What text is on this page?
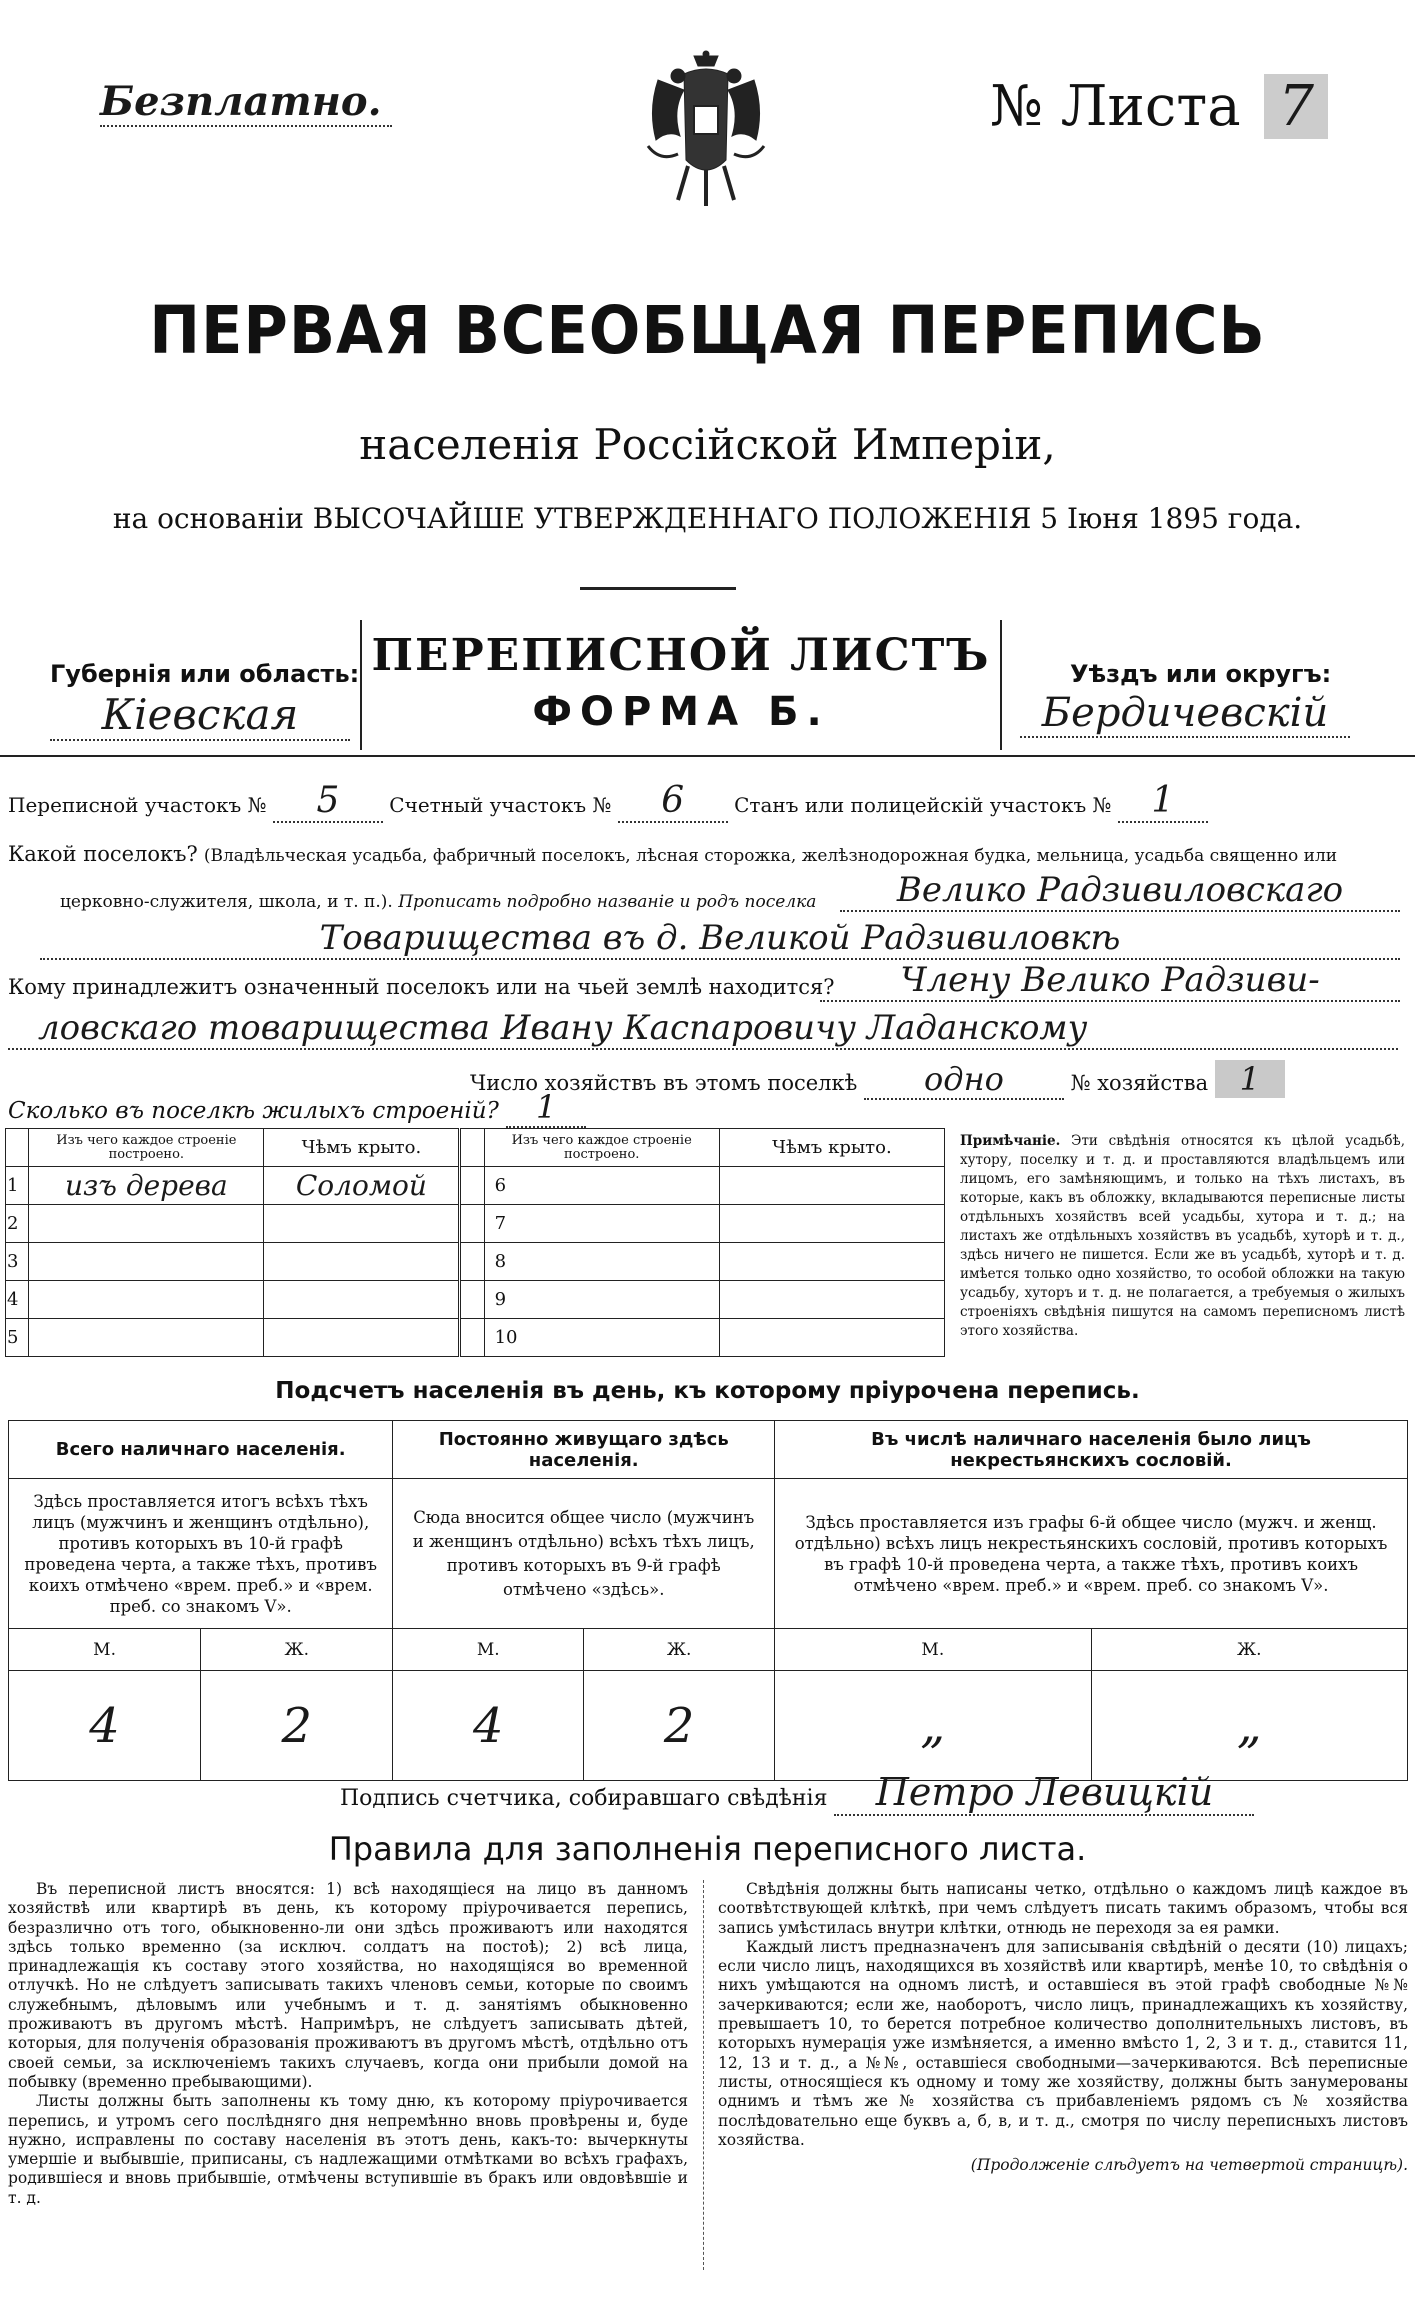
Безплатно.	№ Листа 7
ПЕРВАЯ ВСЕОБЩАЯ ПЕРЕПИСЬ
населенія Россійской Имперіи,
на основаніи ВЫСОЧАЙШЕ УТВЕРЖДЕННАГО ПОЛОЖЕНІЯ 5 Іюня 1895 года.
ПЕРЕПИСНОЙ ЛИСТЪ
ФОРМА Б.
Губернія или область:
Кіевская
Уѣздъ или округъ:
Бердичевскій
Переписной участокъ № 5 Счетный участокъ № 6 Станъ или полицейскій участокъ № 1
Какой поселокъ? (Владѣльческая усадьба, фабричный поселокъ, лѣсная сторожка, желѣзнодорожная будка, мельница, усадьба священно или
церковно-служителя, школа, и т. п.). Прописать подробно названіе и родъ поселка	Велико Радзивиловскаго
Товарищества въ д. Великой Радзивиловкѣ
Кому принадлежитъ означенный поселокъ или на чьей землѣ находится?	Члену Велико Радзиви-
ловскаго товарищества Ивану Каспаровичу Ладанскому
Число хозяйствъ въ этомъ поселкѣ одно	№ хозяйства 1
Сколько въ поселкѣ жилыхъ строеній? 1
	Изъ чего каждое строеніе построено.	Чѣмъ крыто.		Изъ чего каждое строеніе построено.	Чѣмъ крыто.
1	изъ дерева	Соломой		6	
2				7	
3				8	
4				9	
5				10	
Примѣчаніе. Эти свѣдѣнія относятся къ цѣлой усадьбѣ, хутору, поселку и т. д. и проставляются владѣльцемъ или лицомъ, его замѣняющимъ, и только на тѣхъ листахъ, въ которые, какъ въ обложку, вкладываются переписные листы отдѣльныхъ хозяйствъ всей усадьбы, хутора и т. д.; на листахъ же отдѣльныхъ хозяйствъ въ усадьбѣ, хуторѣ и т. д., здѣсь ничего не пишется. Если же въ усадьбѣ, хуторѣ и т. д. имѣется только одно хозяйство, то особой обложки на такую усадьбу, хуторъ и т. д. не полагается, а требуемыя о жилыхъ строеніяхъ свѣдѣнія пишутся на самомъ переписномъ листѣ этого хозяйства.
Подсчетъ населенія въ день, къ которому пріурочена перепись.
Всего наличнаго населенія.		Постоянно живущаго здѣсь населенія.		Въ числѣ наличнаго населенія было лицъ некрестьянскихъ сословій.	
Здѣсь проставляется итогъ всѣхъ тѣхъ лицъ (мужчинъ и женщинъ отдѣльно), противъ которыхъ въ 10-й графѣ проведена черта, а также тѣхъ, противъ коихъ отмѣчено «врем. преб.» и «врем. преб. со знакомъ V».		Сюда вносится общее число (мужчинъ и женщинъ отдѣльно) всѣхъ тѣхъ лицъ, противъ которыхъ въ 9-й графѣ отмѣчено «здѣсь».		Здѣсь проставляется изъ графы 6-й общее число (мужч. и женщ. отдѣльно) всѣхъ лицъ некрестьянскихъ сословій, противъ которыхъ въ графѣ 10-й проведена черта, а также тѣхъ, противъ коихъ отмѣчено «врем. преб.» и «врем. преб. со знакомъ V».	
М.	Ж.	М.	Ж.	М.	Ж.
4	2	4	2	„	„
Подпись счетчика, собиравшаго свѣдѣнія Петро Левицкій
Правила для заполненія переписного листа.

Въ переписной листъ вносятся: 1) всѣ находящіеся на лицо въ данномъ хозяйствѣ или квартирѣ въ день, къ которому пріурочивается перепись, безразлично отъ того, обыкновенно-ли они здѣсь проживаютъ или находятся здѣсь только временно (за исключ. солдатъ на постоѣ); 2) всѣ лица, принадлежащія къ составу этого хозяйства, но находящіяся во временной отлучкѣ. Но не слѣдуетъ записывать такихъ членовъ семьи, которые по своимъ служебнымъ, дѣловымъ или учебнымъ и т. д. занятіямъ обыкновенно проживаютъ въ другомъ мѣстѣ. Напримѣръ, не слѣдуетъ записывать дѣтей, которыя, для полученія образованія проживаютъ въ другомъ мѣстѣ, отдѣльно отъ своей семьи, за исключеніемъ такихъ случаевъ, когда они прибыли домой на побывку (временно пребывающими).

Листы должны быть заполнены къ тому дню, къ которому пріурочивается перепись, и утромъ сего послѣдняго дня непремѣнно вновь провѣрены и, буде нужно, исправлены по составу населенія въ этотъ день, какъ-то: вычеркнуты умершіе и выбывшіе, приписаны, съ надлежащими отмѣтками во всѣхъ графахъ, родившіеся и вновь прибывшіе, отмѣчены вступившіе въ бракъ или овдовѣвшіе и т. д.

Свѣдѣнія должны быть написаны четко, отдѣльно о каждомъ лицѣ каждое въ соотвѣтствующей клѣткѣ, при чемъ слѣдуетъ писать такимъ образомъ, чтобы вся запись умѣстилась внутри клѣтки, отнюдь не переходя за ея рамки.

Каждый листъ предназначенъ для записыванія свѣдѣній о десяти (10) лицахъ; если число лицъ, находящихся въ хозяйствѣ или квартирѣ, менѣе 10, то свѣдѣнія о нихъ умѣщаются на одномъ листѣ, и оставшіеся въ этой графѣ свободные №№ зачеркиваются; если же, наоборотъ, число лицъ, принадлежащихъ къ хозяйству, превышаетъ 10, то берется потребное количество дополнительныхъ листовъ, въ которыхъ нумерація уже измѣняется, а именно вмѣсто 1, 2, 3 и т. д., ставится 11, 12, 13 и т. д., а №№, оставшіеся свободными—зачеркиваются. Всѣ переписные листы, относящіеся къ одному и тому же хозяйству, должны быть занумерованы однимъ и тѣмъ же № хозяйства съ прибавленіемъ рядомъ съ № хозяйства послѣдовательно еще буквъ а, б, в, и т. д., смотря по числу переписныхъ листовъ хозяйства.

(Продолженіе слѣдуетъ на четвертой страницѣ).
